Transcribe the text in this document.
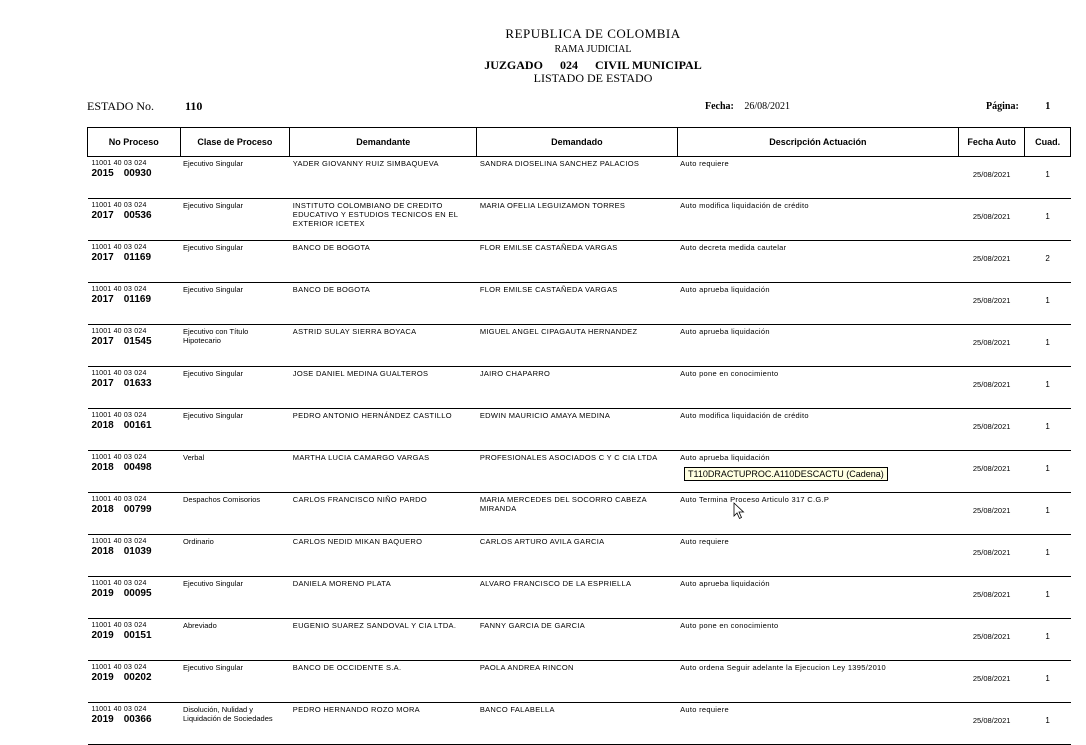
REPUBLICA DE COLOMBIA
RAMA JUDICIAL
JUZGADO 024 CIVIL MUNICIPAL
LISTADO DE ESTADO
ESTADO No.	110	Fecha: 26/08/2021	Página:	1
No Proceso	Clase de Proceso	Demandante	Demandado	Descripción Actuación	Fecha Auto	Cuad.

11001 40 03 024
2015 00930	Ejecutivo Singular	YADER GIOVANNY RUIZ SIMBAQUEVA	SANDRA DIOSELINA SANCHEZ PALACIOS	Auto requiere	25/08/2021	1

11001 40 03 024
2017 00536	Ejecutivo Singular	INSTITUTO COLOMBIANO DE CREDITO EDUCATIVO Y ESTUDIOS TECNICOS EN EL EXTERIOR ICETEX	MARIA OFELIA LEGUIZAMON TORRES	Auto modifica liquidación de crédito	25/08/2021	1

11001 40 03 024
2017 01169	Ejecutivo Singular	BANCO DE BOGOTA	FLOR EMILSE CASTAÑEDA VARGAS	Auto decreta medida cautelar	25/08/2021	2

11001 40 03 024
2017 01169	Ejecutivo Singular	BANCO DE BOGOTA	FLOR EMILSE CASTAÑEDA VARGAS	Auto aprueba liquidación	25/08/2021	1

11001 40 03 024
2017 01545	Ejecutivo con Título Hipotecario	ASTRID SULAY SIERRA BOYACA	MIGUEL ANGEL CIPAGAUTA HERNANDEZ	Auto aprueba liquidación	25/08/2021	1

11001 40 03 024
2017 01633	Ejecutivo Singular	JOSE DANIEL MEDINA GUALTEROS	JAIRO CHAPARRO	Auto pone en conocimiento	25/08/2021	1

11001 40 03 024
2018 00161	Ejecutivo Singular	PEDRO ANTONIO HERNÁNDEZ CASTILLO	EDWIN MAURICIO AMAYA MEDINA	Auto modifica liquidación de crédito	25/08/2021	1

11001 40 03 024
2018 00498	Verbal	MARTHA LUCIA CAMARGO VARGAS	PROFESIONALES ASOCIADOS C Y C CIA LTDA	Auto aprueba liquidación	25/08/2021	1

11001 40 03 024
2018 00799	Despachos Comisorios	CARLOS FRANCISCO NIÑO PARDO	MARIA MERCEDES DEL SOCORRO CABEZA MIRANDA	Auto Termina Proceso Articulo 317 C.G.P	25/08/2021	1

11001 40 03 024
2018 01039	Ordinario	CARLOS NEDID MIKAN BAQUERO	CARLOS ARTURO AVILA GARCIA	Auto requiere	25/08/2021	1

11001 40 03 024
2019 00095	Ejecutivo Singular	DANIELA MORENO PLATA	ALVARO FRANCISCO DE LA ESPRIELLA	Auto aprueba liquidación	25/08/2021	1

11001 40 03 024
2019 00151	Abreviado	EUGENIO SUAREZ SANDOVAL Y CIA LTDA.	FANNY GARCIA DE GARCIA	Auto pone en conocimiento	25/08/2021	1

11001 40 03 024
2019 00202	Ejecutivo Singular	BANCO DE OCCIDENTE S.A.	PAOLA ANDREA RINCON	Auto ordena Seguir adelante la Ejecucion Ley 1395/2010	25/08/2021	1

11001 40 03 024
2019 00366	Disolución, Nulidad y Liquidación de Sociedades	PEDRO HERNANDO ROZO MORA	BANCO FALABELLA	Auto requiere	25/08/2021	1
T110DRACTUPROC.A110DESCACTU (Cadena)
